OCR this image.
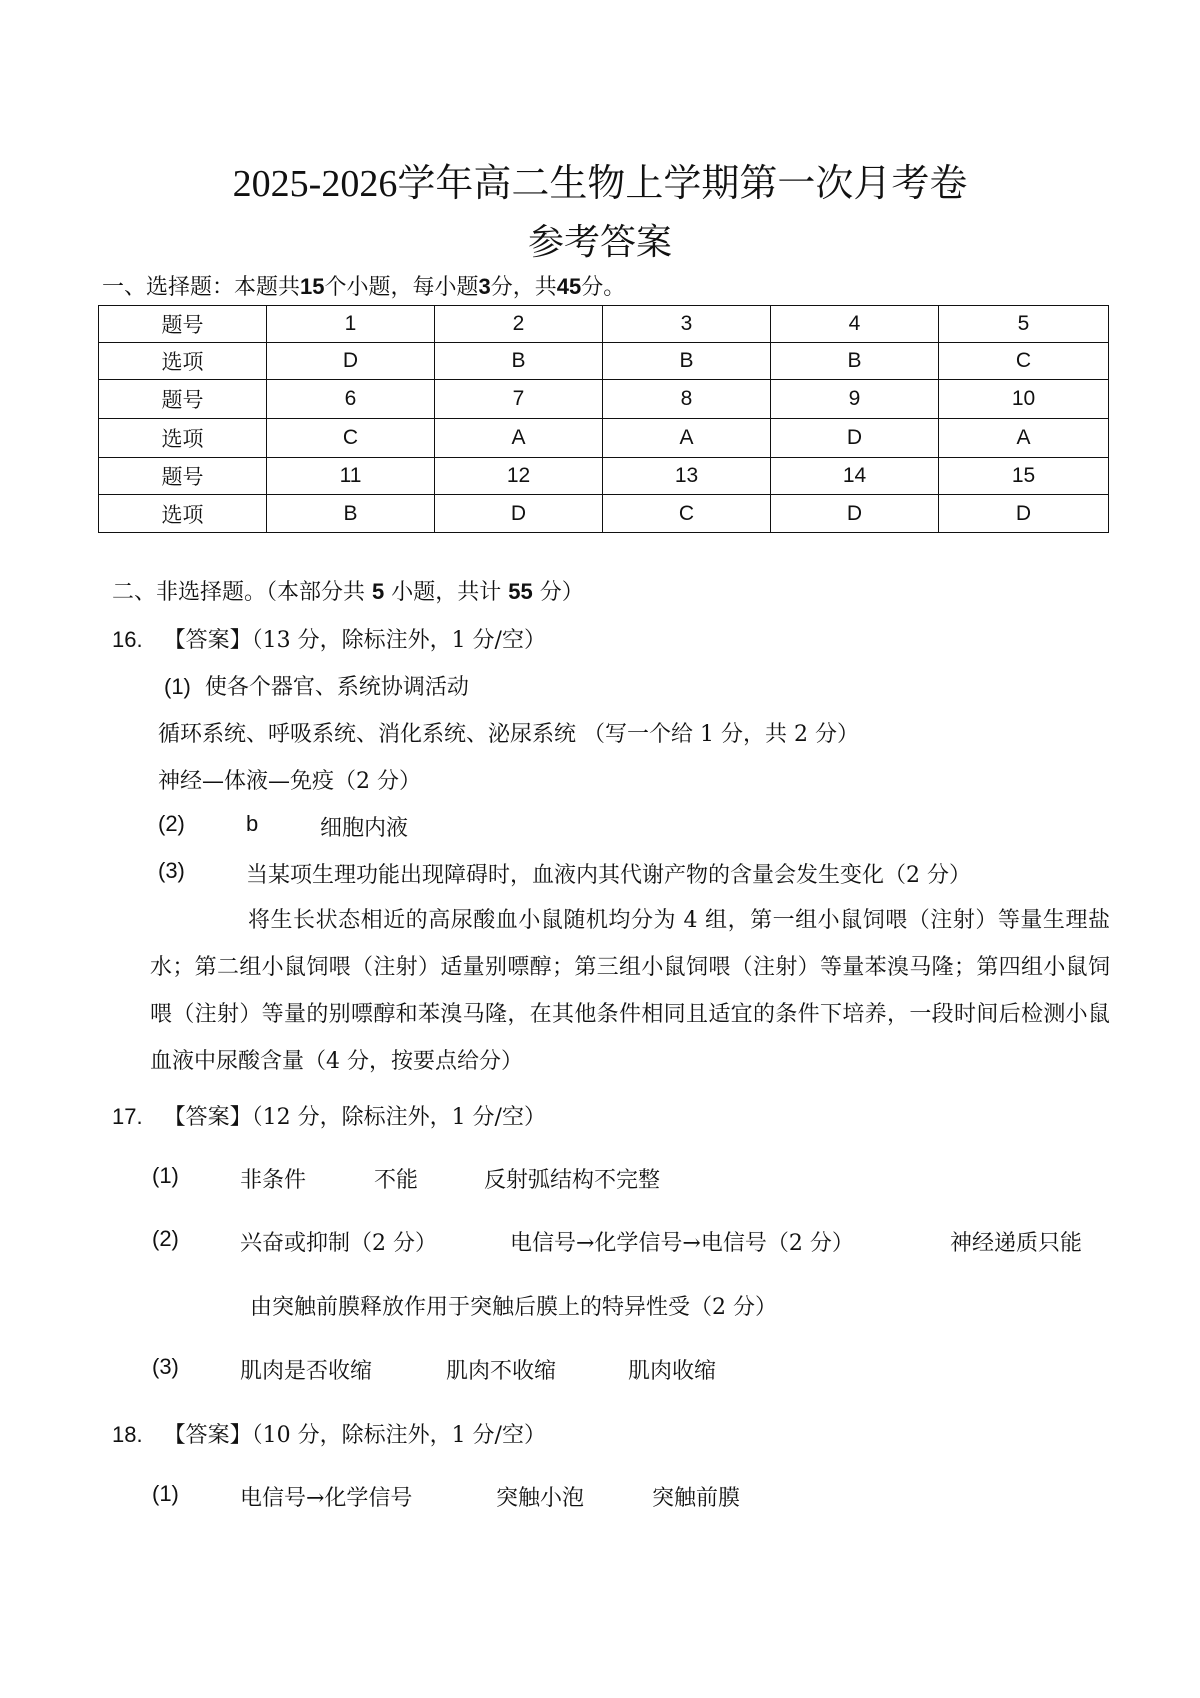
2025-2026学年高二生物上学期第一次月考卷
参考答案
一、选择题：本题共15个小题，每小题3分，共45分。
题号	1	2	3	4	5
选项	D	B	B	B	C
题号	6	7	8	9	10
选项	C	A	A	D	A
题号	11	12	13	14	15
选项	B	D	C	D	D
二、非选择题。（本部分共 5 小题，共计 55 分）
16. 【答案】（13 分，除标注外，1 分/空）
(1) 使各个器官、系统协调活动
循环系统、呼吸系统、消化系统、泌尿系统 （写一个给 1 分，共 2 分）
神经—体液—免疫（2 分）
(2)	b	细胞内液
(3)	当某项生理功能出现障碍时，血液内其代谢产物的含量会发生变化（2 分）
将生长状态相近的高尿酸血小鼠随机均分为 4 组，第一组小鼠饲喂（注射）等量生理盐水；第二组小鼠饲喂（注射）适量别嘌醇；第三组小鼠饲喂（注射）等量苯溴马隆；第四组小鼠饲喂（注射）等量的别嘌醇和苯溴马隆，在其他条件相同且适宜的条件下培养，一段时间后检测小鼠血液中尿酸含量（4 分，按要点给分）
17. 【答案】（12 分，除标注外，1 分/空）
(1)	非条件	不能	反射弧结构不完整
(2)	兴奋或抑制（2 分）	电信号→化学信号→电信号（2 分）	神经递质只能
由突触前膜释放作用于突触后膜上的特异性受（2 分）
(3)	肌肉是否收缩	肌肉不收缩	肌肉收缩
18. 【答案】（10 分，除标注外，1 分/空）
(1)	电信号→化学信号	突触小泡	突触前膜
